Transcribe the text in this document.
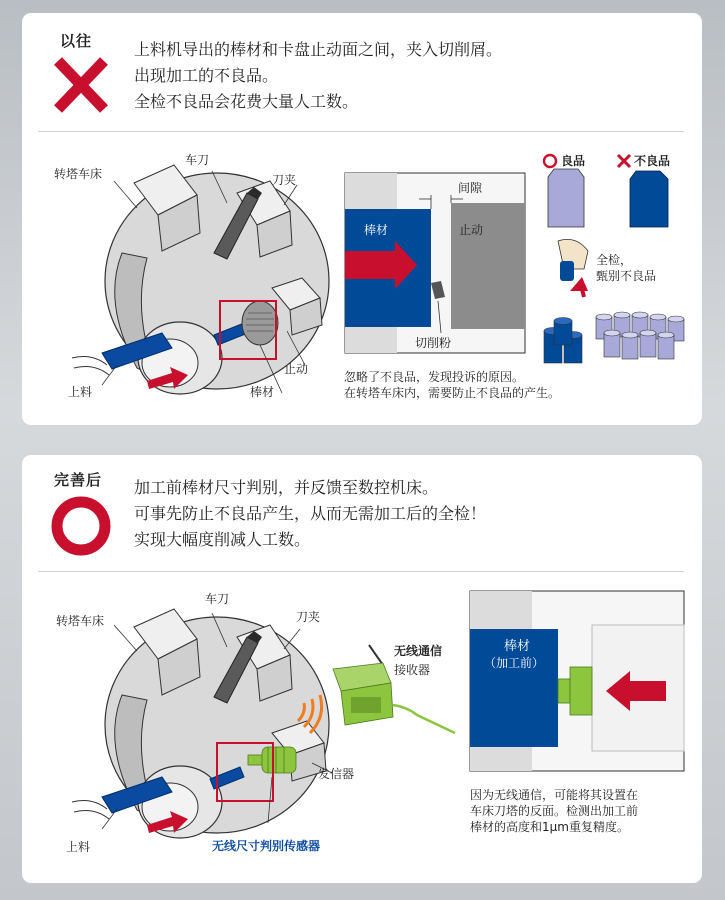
以往	上料机导出的棒材和卡盘止动面之间，夹入切削屑。
出现加工的不良品。
全检不良品会花费大量人工数。
转塔车床
车刀
刀夹
止动
棒材
上料
间隙
棒材	止动
切削粉
良品	不良品
全检，
甄别不良品
忽略了不良品，发现投诉的原因。
在转塔车床内，需要防止不良品的产生。
完善后 加工前棒材尺寸判别，并反馈至数控机床。
可事先防止不良品产生，从而无需加工后的全检！
实现大幅度削减人工数。
转塔车床
车刀
刀夹
发信器
上料	无线尺寸判别传感器
无线通信
接收器
棒材
（加工前）
因为无线通信，可能将其设置在
车床刀塔的反面。检测出加工前
棒材的高度和1μm重复精度。
